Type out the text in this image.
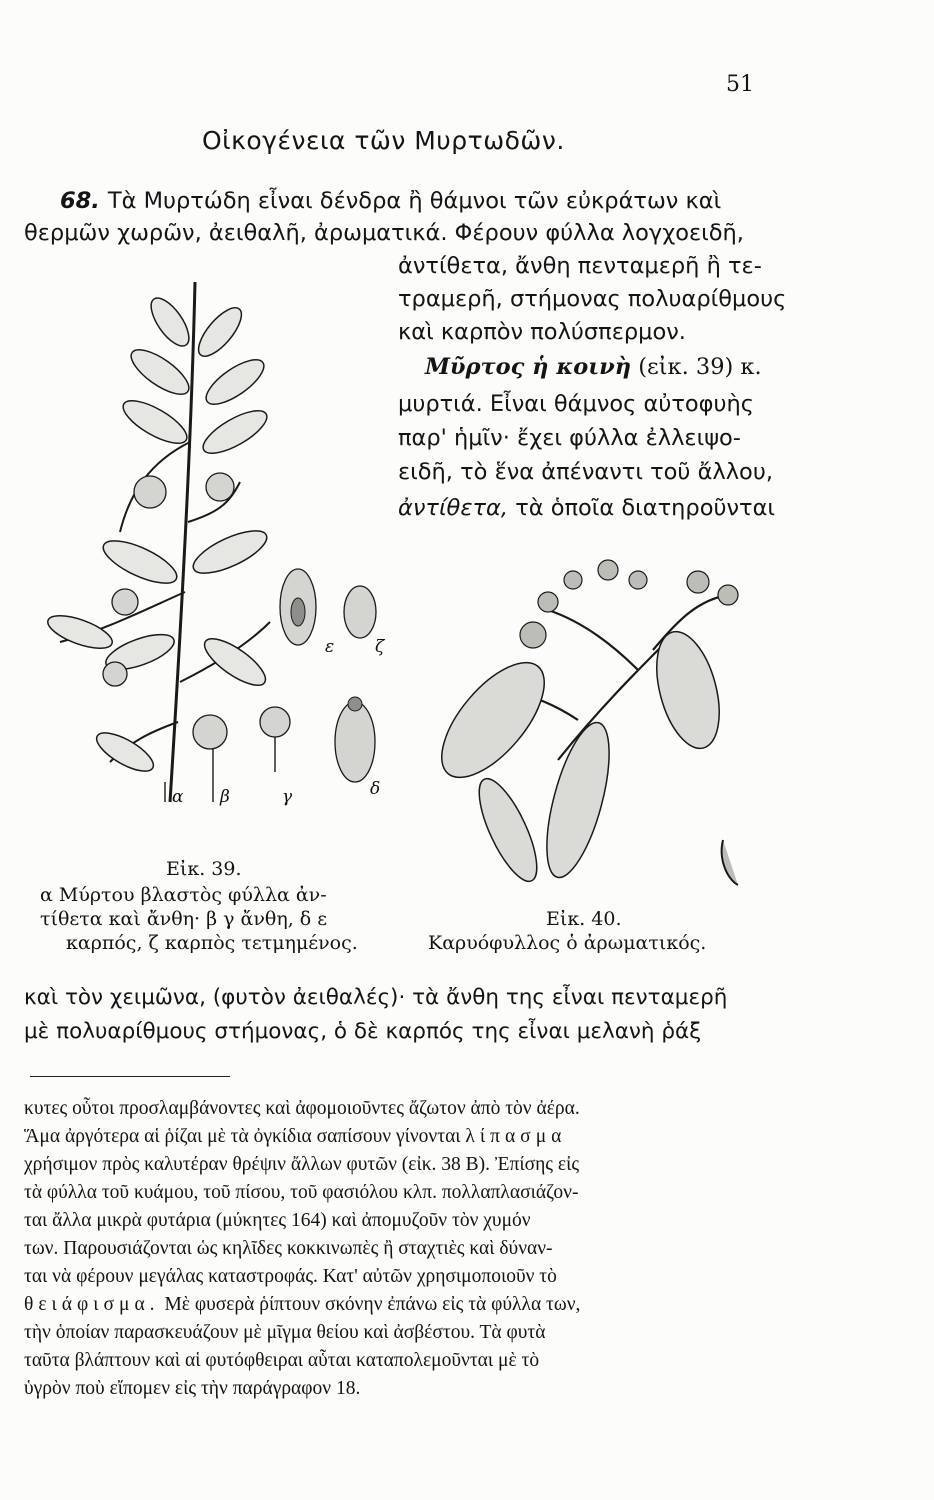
51
Οἰκογένεια τῶν Μυρτωδῶν.
68. Τὰ Μυρτώδη εἶναι δένδρα ἢ θάμνοι τῶν εὐκράτων καὶ
θερμῶν χωρῶν, ἀειθαλῆ, ἀρωματικά. Φέρουν φύλλα λογχοειδῆ,
ἀντίθετα, ἄνθη πενταμερῆ ἢ τε-
τραμερῆ, στήμονας πολυαρίθμους
καὶ καρπὸν πολύσπερμον.
Μῦρτος ἡ κοινὴ (εἰκ. 39) κ.
μυρτιά. Εἶναι θάμνος αὐτοφυὴς
παρ' ἡμῖν· ἔχει φύλλα ἐλλειψο-
ειδῆ, τὸ ἕνα ἀπέναντι τοῦ ἄλλου,
ἀντίθετα, τὰ ὁποῖα διατηροῦνται
α β	γ	δ
ε ζ
Εἰκ. 39.
α Μύρτου βλαστὸς φύλλα ἀν-
τίθετα καὶ ἄνθη· β γ ἄνθη, δ ε
καρπός, ζ καρπὸς τετμημένος.
Εἰκ. 40.
Καρυόφυλλος ὁ ἀρωματικός.
καὶ τὸν χειμῶνα, (φυτὸν ἀειθαλές)· τὰ ἄνθη της εἶναι πενταμερῆ
μὲ πολυαρίθμους στήμονας, ὁ δὲ καρπός της εἶναι μελανὴ ῥάξ
κυτες οὗτοι προσλαμβάνοντες καὶ ἀφομοιοῦντες ἄζωτον ἀπὸ τὸν ἀέρα.
Ἅμα ἀργότερα αἱ ῥίζαι μὲ τὰ ὀγκίδια σαπίσουν γίνονται λίπασμα
χρήσιμον πρὸς καλυτέραν θρέψιν ἄλλων φυτῶν (εἰκ. 38 Β). Ἐπίσης εἰς
τὰ φύλλα τοῦ κυάμου, τοῦ πίσου, τοῦ φασιόλου κλπ. πολλαπλασιάζον-
ται ἄλλα μικρὰ φυτάρια (μύκητες 164) καὶ ἀπομυζοῦν τὸν χυμόν
των. Παρουσιάζονται ὡς κηλῖδες κοκκινωπὲς ἢ σταχτιὲς καὶ δύναν-
ται νὰ φέρουν μεγάλας καταστροφάς. Κατ' αὐτῶν χρησιμοποιοῦν τὸ
θειάφισμα. Μὲ φυσερὰ ῥίπτουν σκόνην ἐπάνω εἰς τὰ φύλλα των,
τὴν ὁποίαν παρασκευάζουν μὲ μῖγμα θείου καὶ ἀσβέστου. Τὰ φυτὰ
ταῦτα βλάπτουν καὶ αἱ φυτόφθειραι αὗται καταπολεμοῦνται μὲ τὸ
ὑγρὸν ποὺ εἴπομεν εἰς τὴν παράγραφον 18.
